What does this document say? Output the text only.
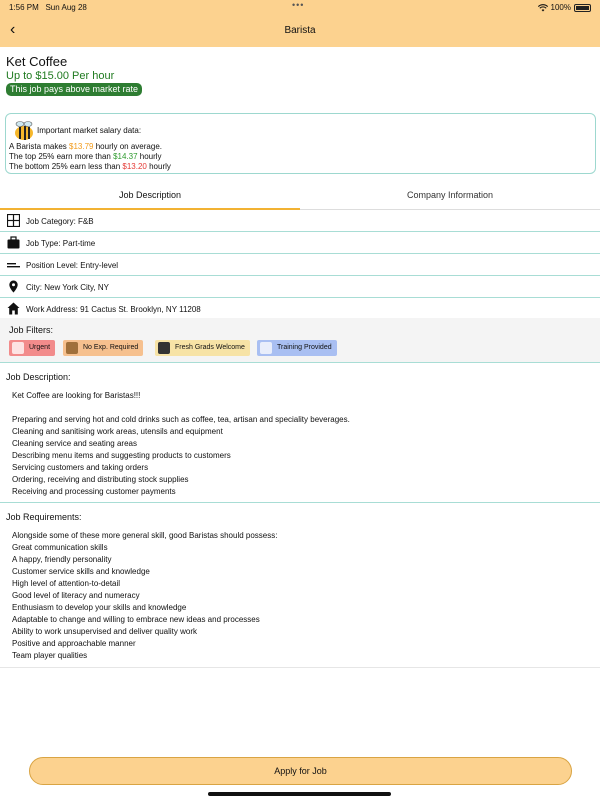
1:56 PM Sun Aug 28	•••	100%
‹	Barista
Ket Coffee
Up to $15.00 Per hour
This job pays above market rate
Important market salary data:
A Barista makes $13.79 hourly on average.
The top 25% earn more than $14.37 hourly
The bottom 25% earn less than $13.20 hourly
Job Description	Company Information
Job Category: F&B
Job Type: Part-time
Position Level: Entry-level
City: New York City, NY
Work Address: 91 Cactus St. Brooklyn, NY 11208
Job Filters:
Urgent	No Exp. Required	Fresh Grads Welcome	Training Provided
Job Description:
Ket Coffee are looking for Baristas!!!
Preparing and serving hot and cold drinks such as coffee, tea, artisan and speciality beverages.
Cleaning and sanitising work areas, utensils and equipment
Cleaning service and seating areas
Describing menu items and suggesting products to customers
Servicing customers and taking orders
Ordering, receiving and distributing stock supplies
Receiving and processing customer payments
Job Requirements:
Alongside some of these more general skill, good Baristas should possess:
Great communication skills
A happy, friendly personality
Customer service skills and knowledge
High level of attention-to-detail
Good level of literacy and numeracy
Enthusiasm to develop your skills and knowledge
Adaptable to change and willing to embrace new ideas and processes
Ability to work unsupervised and deliver quality work
Positive and approachable manner
Team player qualities
Apply for Job
